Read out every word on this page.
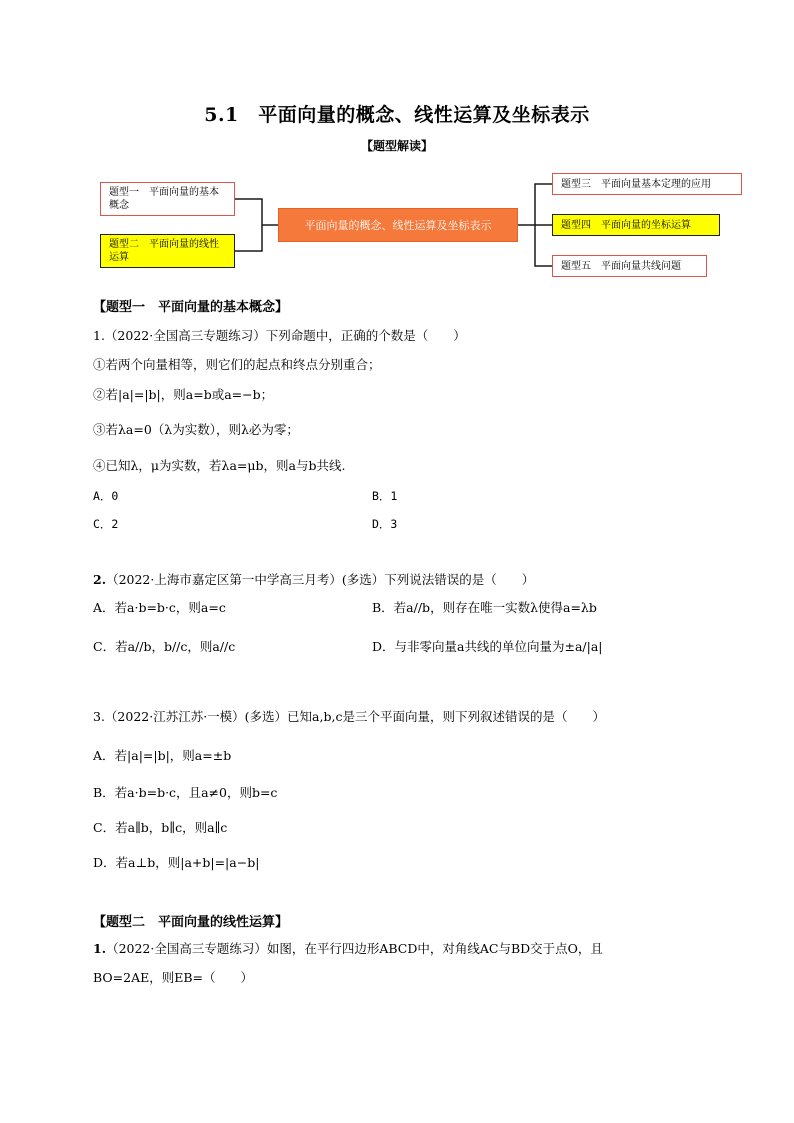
5.1　平面向量的概念、线性运算及坐标表示
【题型解读】
题型一　平面向量的基本概念
题型二　平面向量的线性运算
平面向量的概念、线性运算及坐标表示
题型三　平面向量基本定理的应用
题型四　平面向量的坐标运算
题型五　平面向量共线问题
【题型一　平面向量的基本概念】
1.（2022·全国高三专题练习）下列命题中，正确的个数是（　　）
①若两个向量相等，则它们的起点和终点分别重合；
②若|a|=|b|，则a=b或a=−b；
③若λa=0（λ为实数），则λ必为零；
④已知λ，μ为实数，若λa=μb，则a与b共线.
A．0	B．1
C．2	D．3
2.（2022·上海市嘉定区第一中学高三月考）(多选）下列说法错误的是（　　）
A．若a·b=b·c，则a=c	B．若a//b，则存在唯一实数λ使得a=λb
C．若a//b，b//c，则a//c	D．与非零向量a共线的单位向量为±a/|a|
3.（2022·江苏江苏·一模）(多选）已知a,b,c是三个平面向量，则下列叙述错误的是（　　）
A．若|a|=|b|，则a=±b
B．若a·b=b·c，且a≠0，则b=c
C．若a∥b，b∥c，则a∥c
D．若a⊥b，则|a+b|=|a−b|
【题型二　平面向量的线性运算】
1.（2022·全国高三专题练习）如图，在平行四边形ABCD中，对角线AC与BD交于点O，且
BO=2AE，则EB=（　　）
